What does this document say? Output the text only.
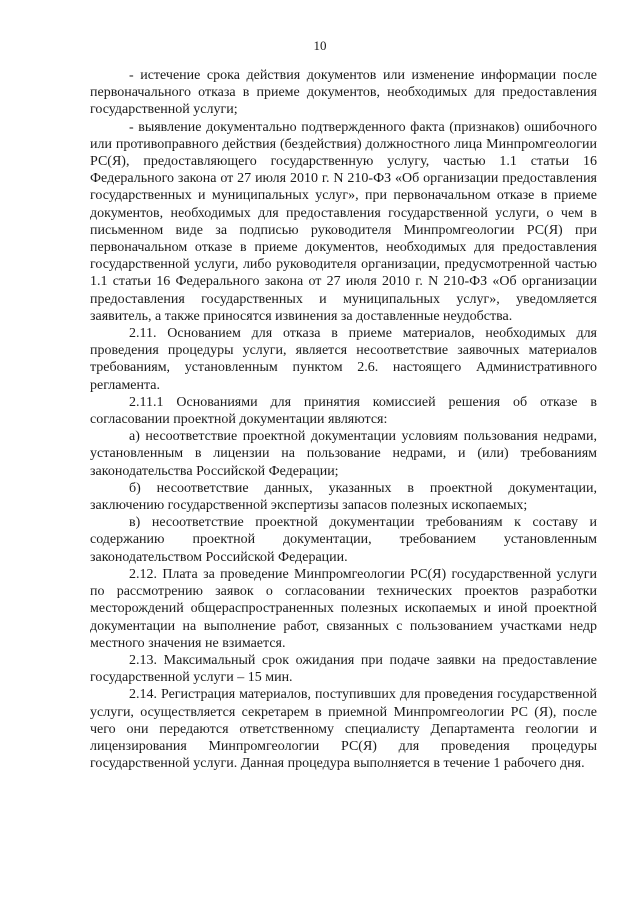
10

- истечение срока действия документов или изменение информации после первоначального отказа в приеме документов, необходимых для предоставления государственной услуги;

- выявление документально подтвержденного факта (признаков) ошибочного или противоправного действия (бездействия) должностного лица Минпромгеологии РС(Я), предоставляющего государственную услугу, частью 1.1 статьи 16 Федерального закона от 27 июля 2010 г. N 210-ФЗ «Об организации предоставления государственных и муниципальных услуг», при первоначальном отказе в приеме документов, необходимых для предоставления государственной услуги, о чем в письменном виде за подписью руководителя Минпромгеологии РС(Я) при первоначальном отказе в приеме документов, необходимых для предоставления государственной услуги, либо руководителя организации, предусмотренной частью 1.1 статьи 16 Федерального закона от 27 июля 2010 г. N 210-ФЗ «Об организации предоставления государственных и муниципальных услуг», уведомляется заявитель, а также приносятся извинения за доставленные неудобства.

2.11. Основанием для отказа в приеме материалов, необходимых для проведения процедуры услуги, является несоответствие заявочных материалов требованиям, установленным пунктом 2.6. настоящего Административного регламента.

2.11.1 Основаниями для принятия комиссией решения об отказе в согласовании проектной документации являются:

а) несоответствие проектной документации условиям пользования недрами, установленным в лицензии на пользование недрами, и (или) требованиям законодательства Российской Федерации;

б) несоответствие данных, указанных в проектной документации, заключению государственной экспертизы запасов полезных ископаемых;

в) несоответствие проектной документации требованиям к составу и содержанию проектной документации, требованием установленным законодательством Российской Федерации.

2.12. Плата за проведение Минпромгеологии РС(Я) государственной услуги по рассмотрению заявок о согласовании технических проектов разработки месторождений общераспространенных полезных ископаемых и иной проектной документации на выполнение работ, связанных с пользованием участками недр местного значения не взимается.

2.13. Максимальный срок ожидания при подаче заявки на предоставление государственной услуги – 15 мин.

2.14. Регистрация материалов, поступивших для проведения государственной услуги, осуществляется секретарем в приемной Минпромгеологии РС (Я), после чего они передаются ответственному специалисту Департамента геологии и лицензирования Минпромгеологии РС(Я) для проведения процедуры государственной услуги. Данная процедура выполняется в течение 1 рабочего дня.
